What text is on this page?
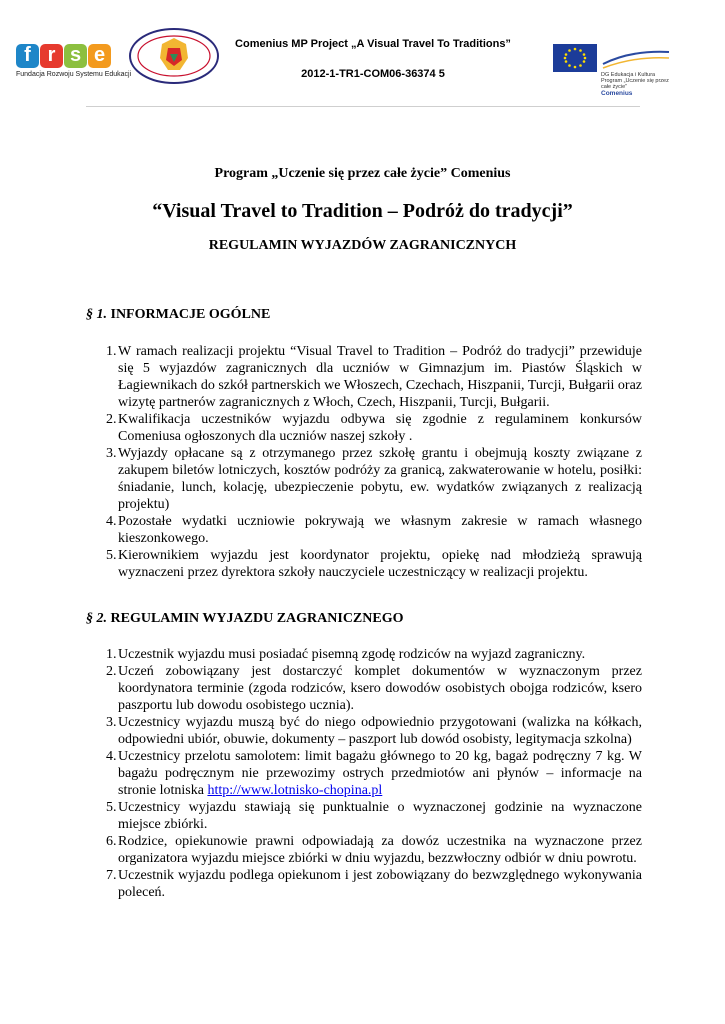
f r s e
Fundacja Rozwoju Systemu Edukacji
Comenius MP Project „A Visual Travel To Traditions”
2012-1-TR1-COM06-36374 5	DG Edukacja i Kultura
Program „Uczenie się przez całe życie”
Comenius
Program „Uczenie się przez całe życie” Comenius
“Visual Travel to Tradition – Podróż do tradycji”
REGULAMIN WYJAZDÓW ZAGRANICZNYCH
§ 1. INFORMACJE OGÓLNE
1. W ramach realizacji projektu “Visual Travel to Tradition – Podróż do tradycji” przewiduje się 5 wyjazdów zagranicznych dla uczniów w Gimnazjum im. Piastów Śląskich w Łagiewnikach do szkół partnerskich we Włoszech, Czechach, Hiszpanii, Turcji, Bułgarii oraz wizytę partnerów zagranicznych z Włoch, Czech, Hiszpanii, Turcji, Bułgarii.
2. Kwalifikacja uczestników wyjazdu odbywa się zgodnie z regulaminem konkursów Comeniusa ogłoszonych dla uczniów naszej szkoły .
3. Wyjazdy opłacane są z otrzymanego przez szkołę grantu i obejmują koszty związane z zakupem biletów lotniczych, kosztów podróży za granicą, zakwaterowanie w hotelu, posiłki: śniadanie, lunch, kolację, ubezpieczenie pobytu, ew. wydatków związanych z realizacją projektu)
4. Pozostałe wydatki uczniowie pokrywają we własnym zakresie w ramach własnego kieszonkowego.
5. Kierownikiem wyjazdu jest koordynator projektu, opiekę nad młodzieżą sprawują wyznaczeni przez dyrektora szkoły nauczyciele uczestniczący w realizacji projektu.
§ 2. REGULAMIN WYJAZDU ZAGRANICZNEGO
1. Uczestnik wyjazdu musi posiadać pisemną zgodę rodziców na wyjazd zagraniczny.
2. Uczeń zobowiązany jest dostarczyć komplet dokumentów w wyznaczonym przez koordynatora terminie (zgoda rodziców, ksero dowodów osobistych obojga rodziców, ksero paszportu lub dowodu osobistego ucznia).
3. Uczestnicy wyjazdu muszą być do niego odpowiednio przygotowani (walizka na kółkach, odpowiedni ubiór, obuwie, dokumenty – paszport lub dowód osobisty, legitymacja szkolna)
4. Uczestnicy przelotu samolotem: limit bagażu głównego to 20 kg, bagaż podręczny 7 kg. W bagażu podręcznym nie przewozimy ostrych przedmiotów ani płynów – informacje na stronie lotniska http://www.lotnisko-chopina.pl
5. Uczestnicy wyjazdu stawiają się punktualnie o wyznaczonej godzinie na wyznaczone miejsce zbiórki.
6. Rodzice, opiekunowie prawni odpowiadają za dowóz uczestnika na wyznaczone przez organizatora wyjazdu miejsce zbiórki w dniu wyjazdu, bezzwłoczny odbiór w dniu powrotu.
7. Uczestnik wyjazdu podlega opiekunom i jest zobowiązany do bezwzględnego wykonywania poleceń.
